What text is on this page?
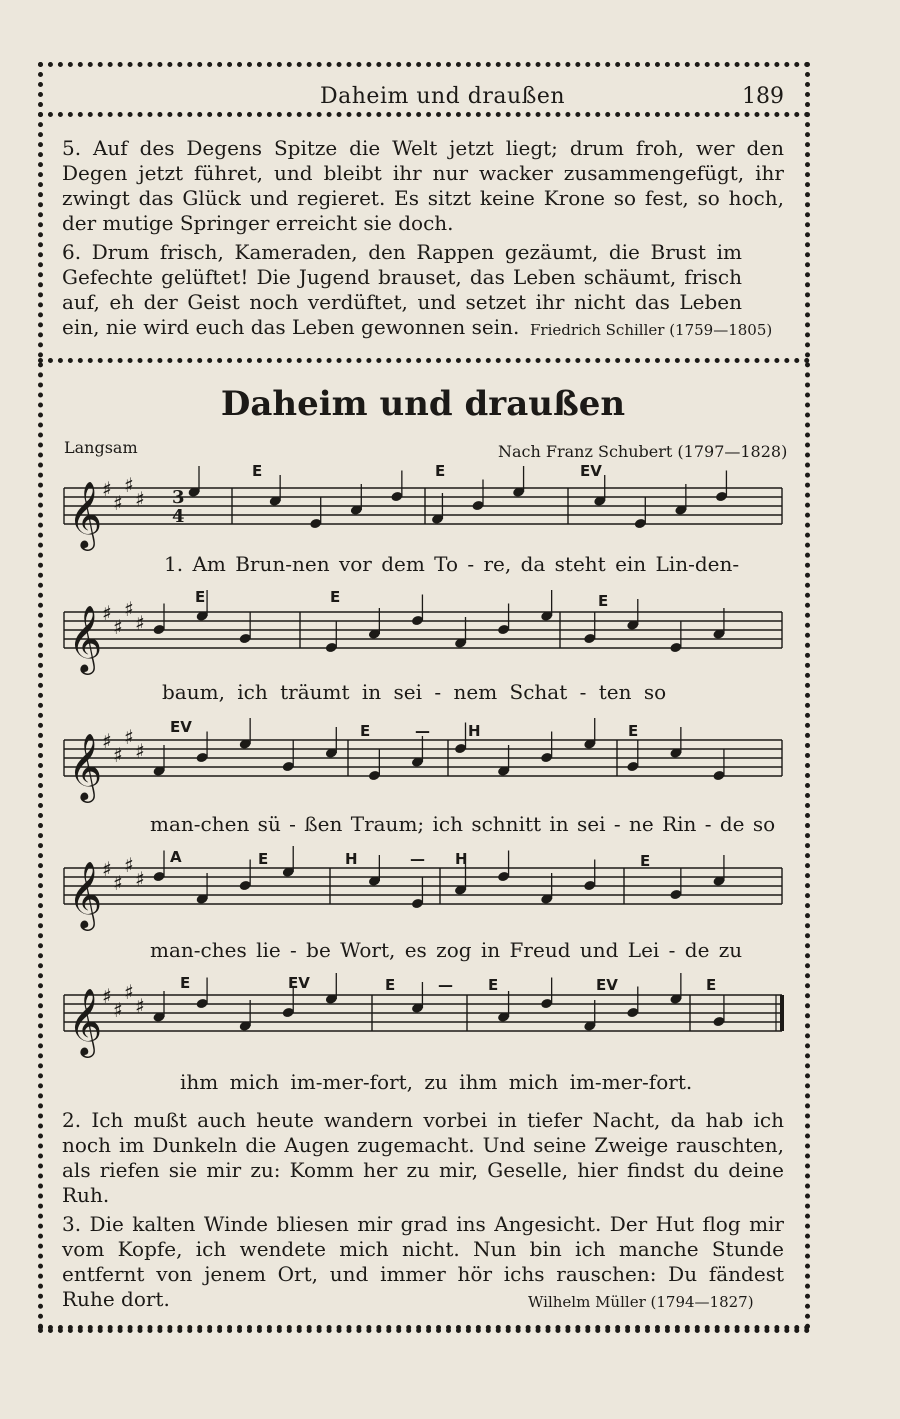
Daheim und draußen	189
5. Auf des Degens Spitze die Welt jetzt liegt; drum froh, wer den Degen jetzt führet, und bleibt ihr nur wacker zusammengefügt, ihr zwingt das Glück und regieret. Es sitzt keine Krone so fest, so hoch, der mutige Springer erreicht sie doch.
6. Drum frisch, Kameraden, den Rappen gezäumt, die Brust im Gefechte gelüftet! Die Jugend brauset, das Leben schäumt, frisch auf, eh der Geist noch verdüftet, und setzet ihr nicht das Leben ein, nie wird euch das Leben gewonnen sein. Friedrich Schiller (1759—1805)
Daheim und draußen
Langsam	Nach Franz Schubert (1797—1828)
E	E	EV
E	E	E
EV	E	—	H	E
A	E	H	— H	E
E	EV	E	— E	EV	E
𝄞 ♯
♯
♯
♯
𝄞 ♯
♯
♯
♯
𝄞 ♯
♯
♯
♯
𝄞 ♯
♯
♯
♯
𝄞 ♯
♯
♯
♯
3
4
1. Am Brun-nen vor dem To - re, da steht ein Lin-den-
baum, ich träumt in sei - nem Schat - ten so
man-chen sü - ßen Traum; ich schnitt in sei - ne Rin - de so
man-ches lie - be Wort, es zog in Freud und Lei - de zu
ihm mich im-mer-fort, zu ihm mich im-mer-fort.
2. Ich mußt auch heute wandern vorbei in tiefer Nacht, da hab ich noch im Dunkeln die Augen zugemacht. Und seine Zweige rauschten, als riefen sie mir zu: Komm her zu mir, Geselle, hier findst du deine Ruh.
3. Die kalten Winde bliesen mir grad ins Angesicht. Der Hut flog mir vom Kopfe, ich wendete mich nicht. Nun bin ich manche Stunde entfernt von jenem Ort, und immer hör ichs rauschen: Du fändest Ruhe dort.	Wilhelm Müller (1794—1827)
